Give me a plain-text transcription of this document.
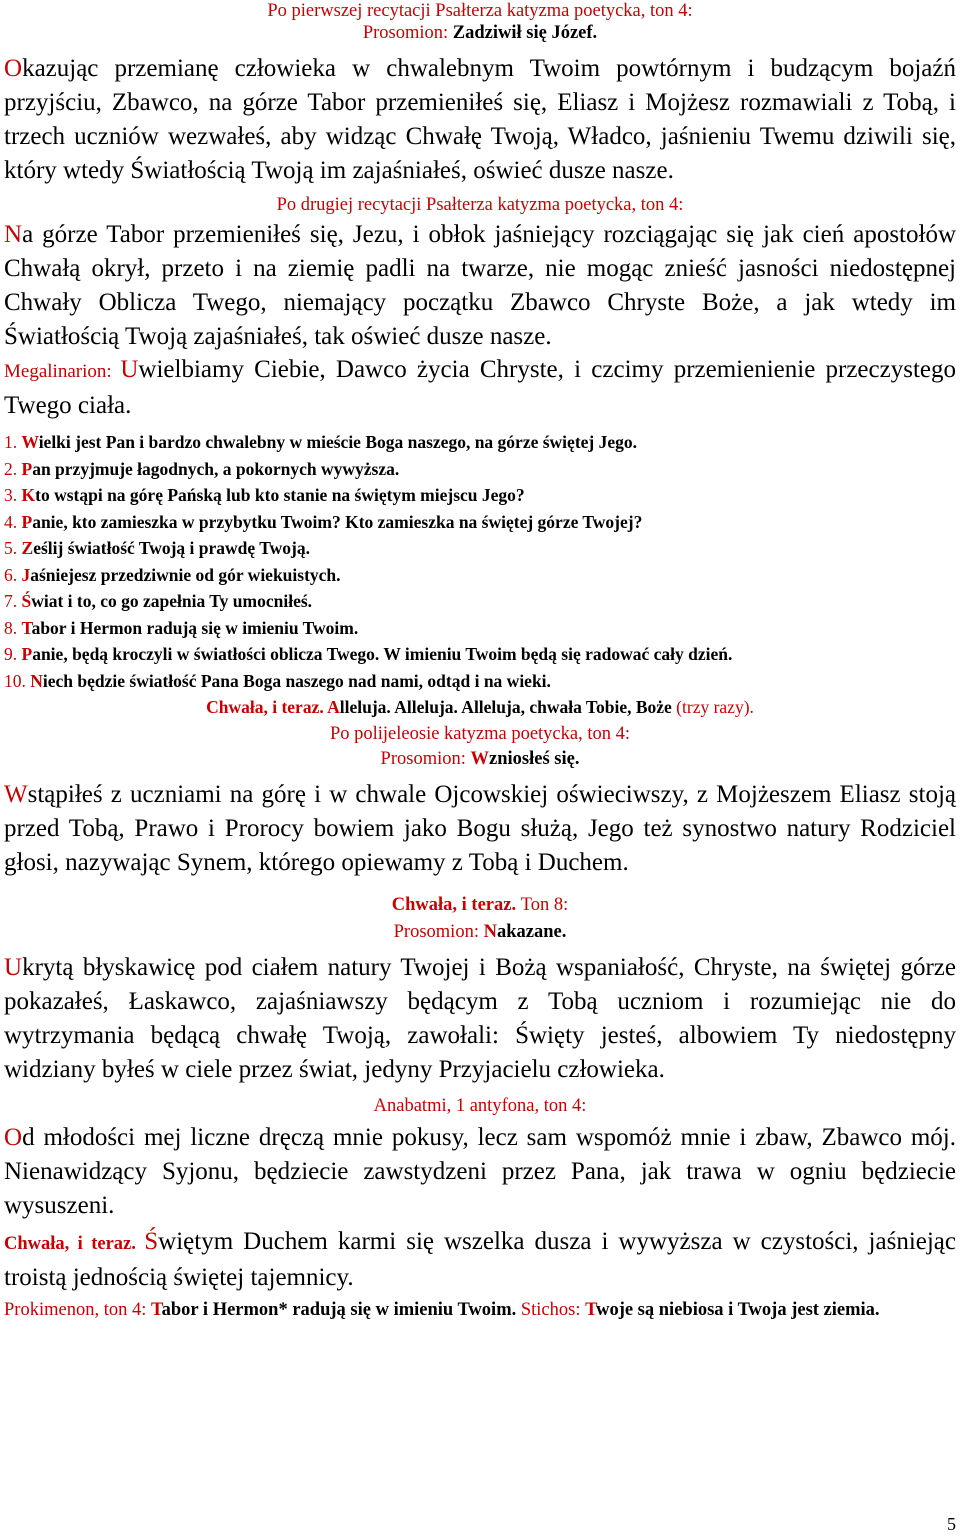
Po pierwszej recytacji Psałterza katyzma poetycka, ton 4:

Prosomion: Zadziwił się Józef.

Okazując przemianę człowieka w chwalebnym Twoim powtórnym i budzącym bojaźń przyjściu, Zbawco, na górze Tabor przemieniłeś się, Eliasz i Mojżesz rozmawiali z Tobą, i trzech uczniów wezwałeś, aby widząc Chwałę Twoją, Władco, jaśnieniu Twemu dziwili się, który wtedy Światłością Twoją im zajaśniałeś, oświeć dusze nasze.

Po drugiej recytacji Psałterza katyzma poetycka, ton 4:

Na górze Tabor przemieniłeś się, Jezu, i obłok jaśniejący rozciągając się jak cień apostołów Chwałą okrył, przeto i na ziemię padli na twarze, nie mogąc znieść jasności niedostępnej Chwały Oblicza Twego, niemający początku Zbawco Chryste Boże, a jak wtedy im Światłością Twoją zajaśniałeś, tak oświeć dusze nasze.

Megalinarion: Uwielbiamy Ciebie, Dawco życia Chryste, i czcimy przemienienie przeczystego Twego ciała.

1. Wielki jest Pan i bardzo chwalebny w mieście Boga naszego, na górze świętej Jego.

2. Pan przyjmuje łagodnych, a pokornych wywyższa.

3. Kto wstąpi na górę Pańską lub kto stanie na świętym miejscu Jego?

4. Panie, kto zamieszka w przybytku Twoim? Kto zamieszka na świętej górze Twojej?

5. Ześlij światłość Twoją i prawdę Twoją.

6. Jaśniejesz przedziwnie od gór wiekuistych.

7. Świat i to, co go zapełnia Ty umocniłeś.

8. Tabor i Hermon radują się w imieniu Twoim.

9. Panie, będą kroczyli w światłości oblicza Twego. W imieniu Twoim będą się radować cały dzień.

10. Niech będzie światłość Pana Boga naszego nad nami, odtąd i na wieki.

Chwała, i teraz. Alleluja. Alleluja. Alleluja, chwała Tobie, Boże (trzy razy).

Po polijeleosie katyzma poetycka, ton 4:

Prosomion: Wzniosłeś się.

Wstąpiłeś z uczniami na górę i w chwale Ojcowskiej oświeciwszy, z Mojżeszem Eliasz stoją przed Tobą, Prawo i Prorocy bowiem jako Bogu służą, Jego też synostwo natury Rodziciel głosi, nazywając Synem, którego opiewamy z Tobą i Duchem.

Chwała, i teraz. Ton 8:

Prosomion: Nakazane.

Ukrytą błyskawicę pod ciałem natury Twojej i Bożą wspaniałość, Chryste, na świętej górze pokazałeś, Łaskawco, zajaśniawszy będącym z Tobą uczniom i rozumiejąc nie do wytrzymania będącą chwałę Twoją, zawołali: Święty jesteś, albowiem Ty niedostępny widziany byłeś w ciele przez świat, jedyny Przyjacielu człowieka.

Anabatmi, 1 antyfona, ton 4:

Od młodości mej liczne dręczą mnie pokusy, lecz sam wspomóż mnie i zbaw, Zbawco mój. Nienawidzący Syjonu, będziecie zawstydzeni przez Pana, jak trawa w ogniu będziecie wysuszeni.

Chwała, i teraz. Świętym Duchem karmi się wszelka dusza i wywyższa w czystości, jaśniejąc troistą jednością świętej tajemnicy.

Prokimenon, ton 4: Tabor i Hermon* radują się w imieniu Twoim. Stichos: Twoje są niebiosa i Twoja jest ziemia.

5
